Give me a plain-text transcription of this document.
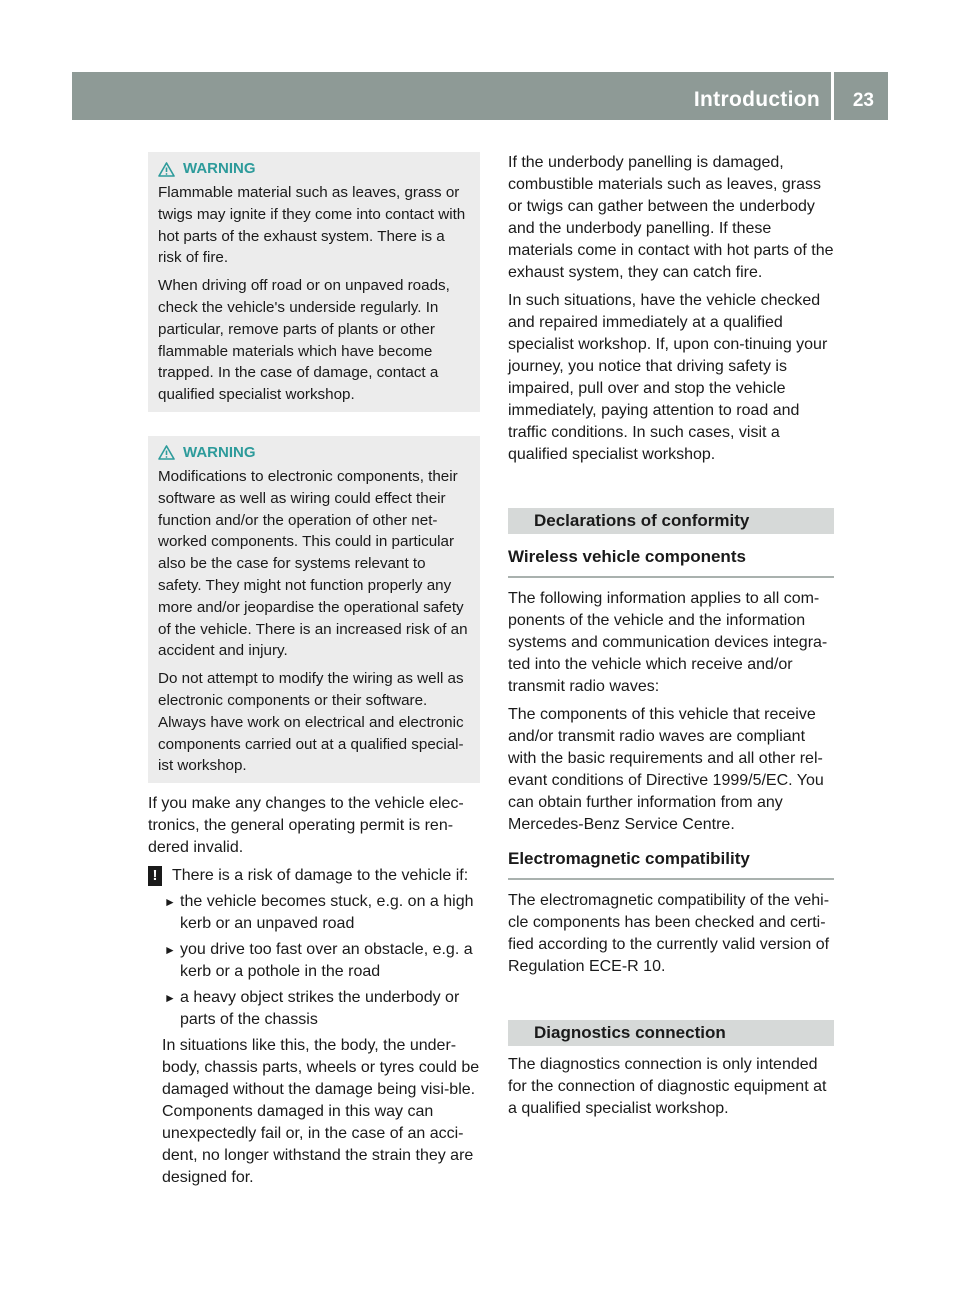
Introduction 23
WARNING

Flammable material such as leaves, grass or twigs may ignite if they come into contact with hot parts of the exhaust system. There is a risk of fire.

When driving off road or on unpaved roads, check the vehicle's underside regularly. In particular, remove parts of plants or other flammable materials which have become trapped. In the case of damage, contact a qualified specialist workshop.

WARNING

Modifications to electronic components, their software as well as wiring could effect their function and/or the operation of other net-worked components. This could in particular also be the case for systems relevant to safety. They might not function properly any more and/or jeopardise the operational safety of the vehicle. There is an increased risk of an accident and injury.

Do not attempt to modify the wiring as well as electronic components or their software. Always have work on electrical and electronic components carried out at a qualified special-ist workshop.

If you make any changes to the vehicle elec-tronics, the general operating permit is ren-dered invalid.

! There is a risk of damage to the vehicle if:
► the vehicle becomes stuck, e.g. on a high kerb or an unpaved road
► you drive too fast over an obstacle, e.g. a kerb or a pothole in the road
► a heavy object strikes the underbody or parts of the chassis

In situations like this, the body, the under-body, chassis parts, wheels or tyres could be damaged without the damage being visi-ble. Components damaged in this way can unexpectedly fail or, in the case of an acci-dent, no longer withstand the strain they are designed for.

If the underbody panelling is damaged, combustible materials such as leaves, grass or twigs can gather between the underbody and the underbody panelling. If these materials come in contact with hot parts of the exhaust system, they can catch fire.

In such situations, have the vehicle checked and repaired immediately at a qualified specialist workshop. If, upon con-tinuing your journey, you notice that driving safety is impaired, pull over and stop the vehicle immediately, paying attention to road and traffic conditions. In such cases, visit a qualified specialist workshop.

Declarations of conformity
Wireless vehicle components

The following information applies to all com-ponents of the vehicle and the information systems and communication devices integra-ted into the vehicle which receive and/or transmit radio waves:

The components of this vehicle that receive and/or transmit radio waves are compliant with the basic requirements and all other rel-evant conditions of Directive 1999/5/EC. You can obtain further information from any Mercedes-Benz Service Centre.

Electromagnetic compatibility

The electromagnetic compatibility of the vehi-cle components has been checked and certi-fied according to the currently valid version of Regulation ECE-R 10.

Diagnostics connection

The diagnostics connection is only intended for the connection of diagnostic equipment at a qualified specialist workshop.
